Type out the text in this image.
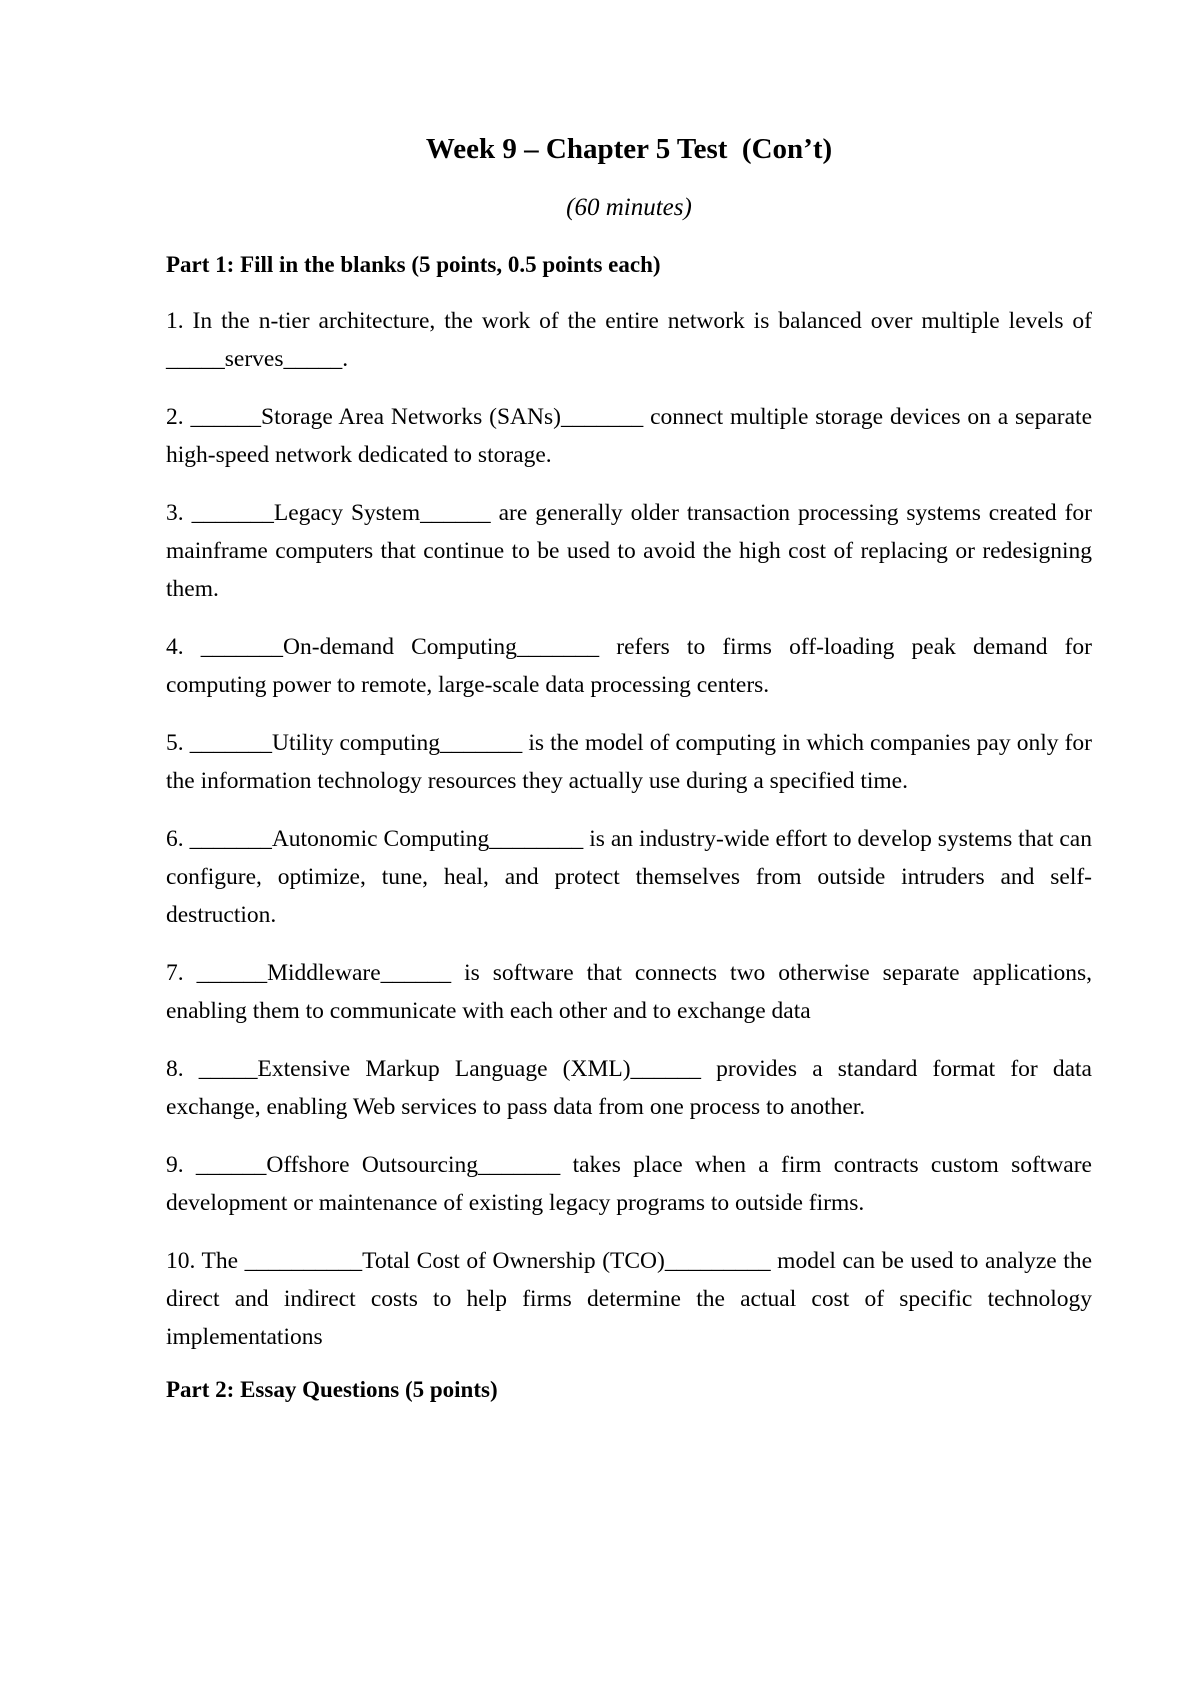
Week 9 – Chapter 5 Test  (Con’t)
(60 minutes)
Part 1: Fill in the blanks (5 points, 0.5 points each)

1. In the n-tier architecture, the work of the entire network is balanced over multiple levels of _____serves_____.

2. ______Storage Area Networks (SANs)_______ connect multiple storage devices on a separate high-speed network dedicated to storage.

3. _______Legacy System______ are generally older transaction processing systems created for mainframe computers that continue to be used to avoid the high cost of replacing or redesigning them.

4. _______On-demand Computing_______ refers to firms off-loading peak demand for computing power to remote, large-scale data processing centers.

5. _______Utility computing_______ is the model of computing in which companies pay only for the information technology resources they actually use during a specified time.

6. _______Autonomic Computing________ is an industry-wide effort to develop systems that can configure, optimize, tune, heal, and protect themselves from outside intruders and self-destruction.

7. ______Middleware______ is software that connects two otherwise separate applications, enabling them to communicate with each other and to exchange data

8. _____Extensive Markup Language (XML)______ provides a standard format for data exchange, enabling Web services to pass data from one process to another.

9. ______Offshore Outsourcing_______ takes place when a firm contracts custom software development or maintenance of existing legacy programs to outside firms.

10. The __________Total Cost of Ownership (TCO)_________ model can be used to analyze the direct and indirect costs to help firms determine the actual cost of specific technology implementations

Part 2: Essay Questions (5 points)
